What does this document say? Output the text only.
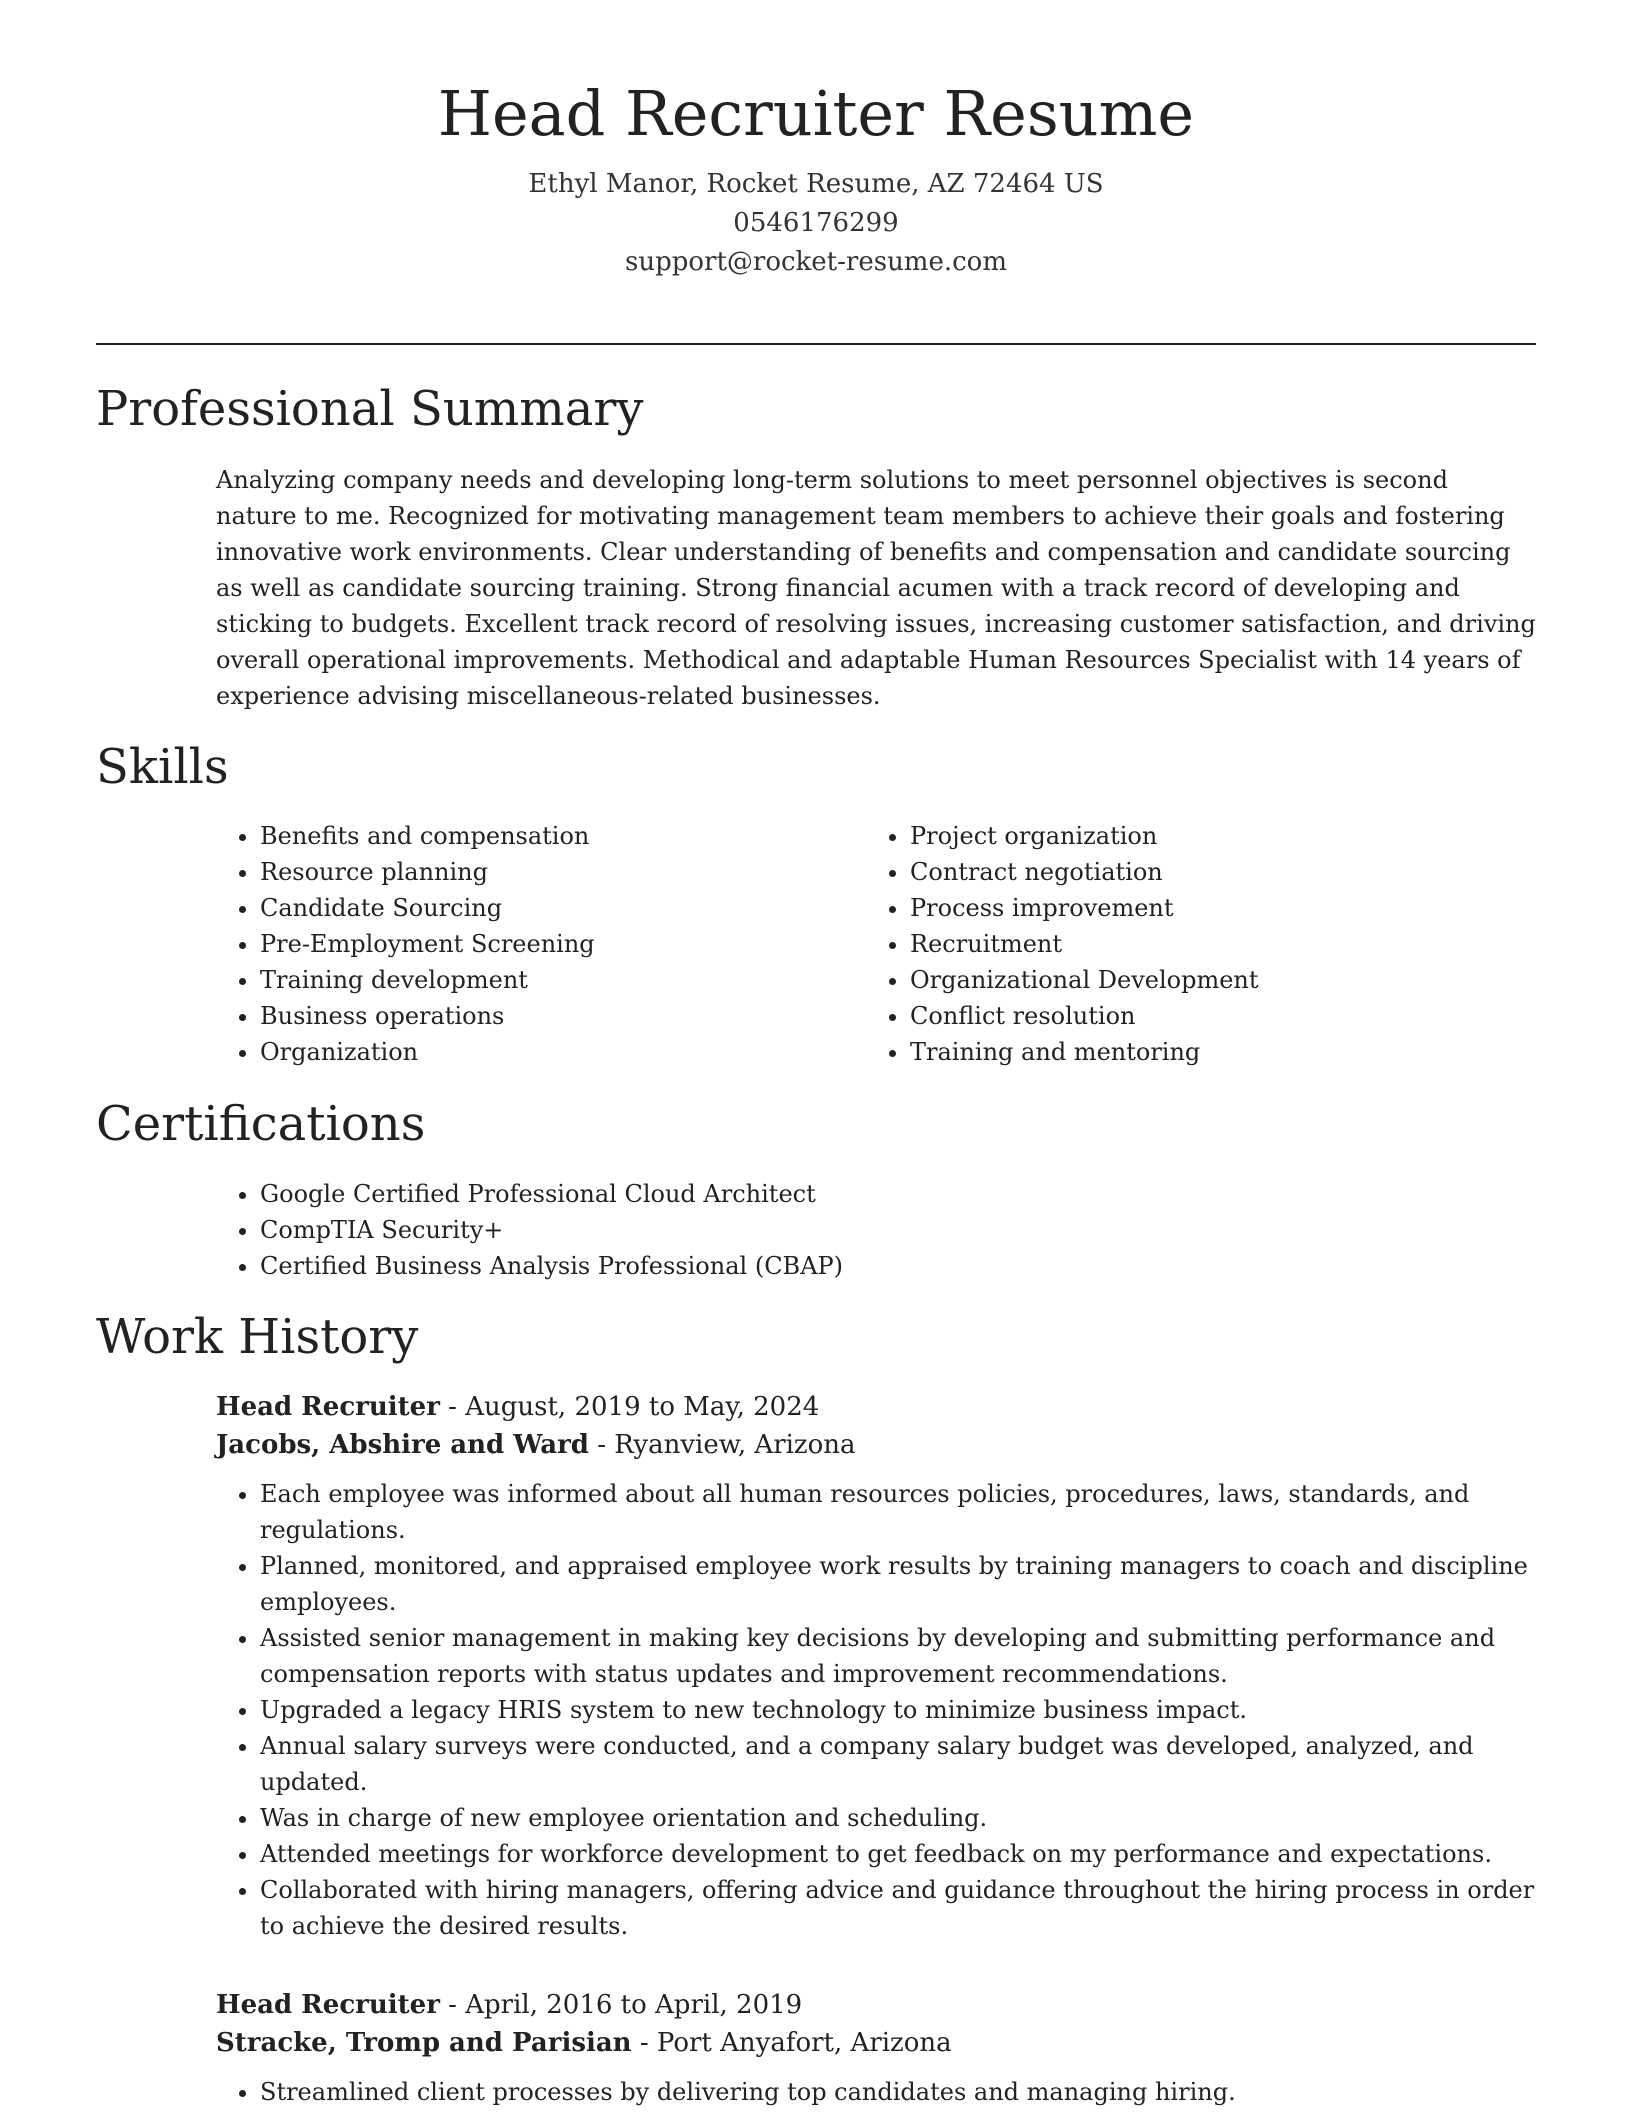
Head Recruiter Resume
Ethyl Manor, Rocket Resume, AZ 72464 US
0546176299
support@rocket-resume.com
Professional Summary

Analyzing company needs and developing long-term solutions to meet personnel objectives is second nature to me. Recognized for motivating management team members to achieve their goals and fostering innovative work environments. Clear understanding of benefits and compensation and candidate sourcing as well as candidate sourcing training. Strong financial acumen with a track record of developing and sticking to budgets. Excellent track record of resolving issues, increasing customer satisfaction, and driving overall operational improvements. Methodical and adaptable Human Resources Specialist with 14 years of experience advising miscellaneous-related businesses.

Skills
• Benefits and compensation
• Resource planning
• Candidate Sourcing
• Pre-Employment Screening
• Training development
• Business operations
• Organization
• Project organization
• Contract negotiation
• Process improvement
• Recruitment
• Organizational Development
• Conflict resolution
• Training and mentoring
Certifications
• Google Certified Professional Cloud Architect
• CompTIA Security+
• Certified Business Analysis Professional (CBAP)
Work History

Head Recruiter - August, 2019 to May, 2024

Jacobs, Abshire and Ward - Ryanview, Arizona

• Each employee was informed about all human resources policies, procedures, laws, standards, and regulations.
• Planned, monitored, and appraised employee work results by training managers to coach and discipline employees.
• Assisted senior management in making key decisions by developing and submitting performance and compensation reports with status updates and improvement recommendations.
• Upgraded a legacy HRIS system to new technology to minimize business impact.
• Annual salary surveys were conducted, and a company salary budget was developed, analyzed, and updated.
• Was in charge of new employee orientation and scheduling.
• Attended meetings for workforce development to get feedback on my performance and expectations.
• Collaborated with hiring managers, offering advice and guidance throughout the hiring process in order to achieve the desired results.

Head Recruiter - April, 2016 to April, 2019

Stracke, Tromp and Parisian - Port Anyafort, Arizona

• Streamlined client processes by delivering top candidates and managing hiring.
